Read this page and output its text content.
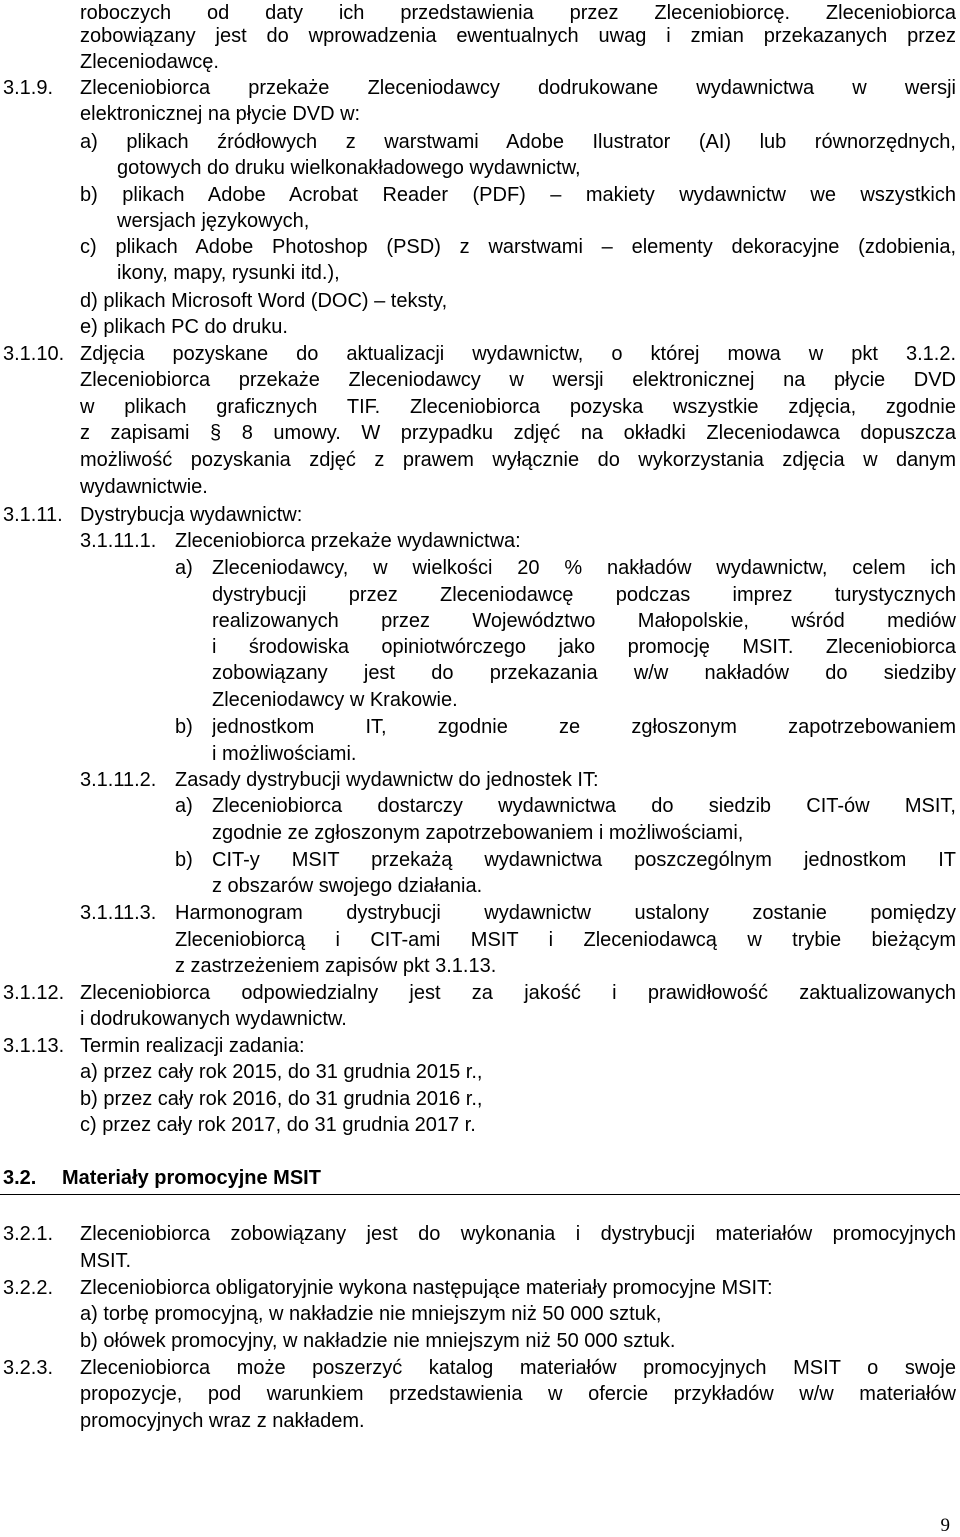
roboczych od daty ich przedstawienia przez Zleceniobiorcę. Zleceniobiorca
zobowiązany jest do wprowadzenia ewentualnych uwag i zmian przekazanych przez
Zleceniodawcę.
3.1.9. Zleceniobiorca przekaże Zleceniodawcy dodrukowane wydawnictwa w wersji
elektronicznej na płycie DVD w:
a) plikach źródłowych z warstwami Adobe Ilustrator (AI) lub równorzędnych,
gotowych do druku wielkonakładowego wydawnictw,
b) plikach Adobe Acrobat Reader (PDF) – makiety wydawnictw we wszystkich
wersjach językowych,
c) plikach Adobe Photoshop (PSD) z warstwami – elementy dekoracyjne (zdobienia,
ikony, mapy, rysunki itd.),
d) plikach Microsoft Word (DOC) – teksty,
e) plikach PC do druku.
3.1.10. Zdjęcia pozyskane do aktualizacji wydawnictw, o której mowa w pkt 3.1.2.
Zleceniobiorca przekaże Zleceniodawcy w wersji elektronicznej na płycie DVD
w plikach graficznych TIF. Zleceniobiorca pozyska wszystkie zdjęcia, zgodnie
z zapisami § 8 umowy. W przypadku zdjęć na okładki Zleceniodawca dopuszcza
możliwość pozyskania zdjęć z prawem wyłącznie do wykorzystania zdjęcia w danym
wydawnictwie.
3.1.11. Dystrybucja wydawnictw:
3.1.11.1. Zleceniobiorca przekaże wydawnictwa:
a) Zleceniodawcy, w wielkości 20 % nakładów wydawnictw, celem ich
dystrybucji przez Zleceniodawcę podczas imprez turystycznych
realizowanych przez Województwo Małopolskie, wśród mediów
i środowiska opiniotwórczego jako promocję MSIT. Zleceniobiorca
zobowiązany jest do przekazania w/w nakładów do siedziby
Zleceniodawcy w Krakowie.
b) jednostkom IT, zgodnie ze zgłoszonym zapotrzebowaniem
i możliwościami.
3.1.11.2. Zasady dystrybucji wydawnictw do jednostek IT:
a) Zleceniobiorca dostarczy wydawnictwa do siedzib CIT-ów MSIT,
zgodnie ze zgłoszonym zapotrzebowaniem i możliwościami,
b) CIT-y MSIT przekażą wydawnictwa poszczególnym jednostkom IT
z obszarów swojego działania.
3.1.11.3. Harmonogram dystrybucji wydawnictw ustalony zostanie pomiędzy
Zleceniobiorcą i CIT-ami MSIT i Zleceniodawcą w trybie bieżącym
z zastrzeżeniem zapisów pkt 3.1.13.
3.1.12. Zleceniobiorca odpowiedzialny jest za jakość i prawidłowość zaktualizowanych
i dodrukowanych wydawnictw.
3.1.13. Termin realizacji zadania:
a) przez cały rok 2015, do 31 grudnia 2015 r.,
b) przez cały rok 2016, do 31 grudnia 2016 r.,
c) przez cały rok 2017, do 31 grudnia 2017 r.
3.2. Materiały promocyjne MSIT
3.2.1. Zleceniobiorca zobowiązany jest do wykonania i dystrybucji materiałów promocyjnych
MSIT.
3.2.2. Zleceniobiorca obligatoryjnie wykona następujące materiały promocyjne MSIT:
a) torbę promocyjną, w nakładzie nie mniejszym niż 50 000 sztuk,
b) ołówek promocyjny, w nakładzie nie mniejszym niż 50 000 sztuk.
3.2.3. Zleceniobiorca może poszerzyć katalog materiałów promocyjnych MSIT o swoje
propozycje, pod warunkiem przedstawienia w ofercie przykładów w/w materiałów
promocyjnych wraz z nakładem.
9
